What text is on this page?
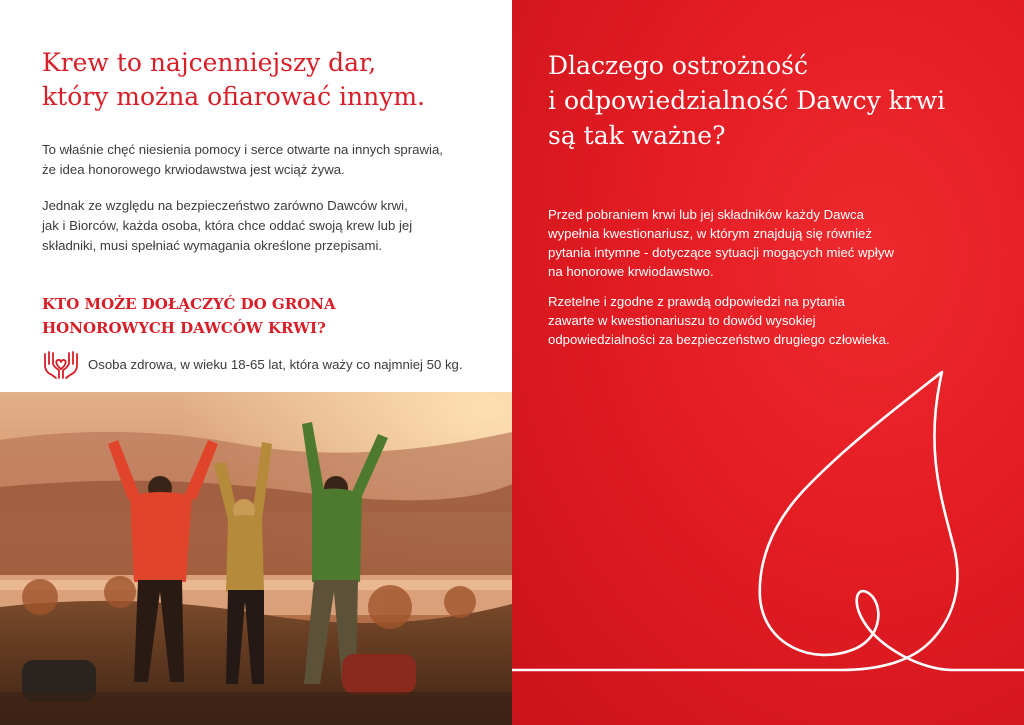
Krew to najcenniejszy dar,
który można ofiarować innym.

To właśnie chęć niesienia pomocy i serce otwarte na innych sprawia,
że idea honorowego krwiodawstwa jest wciąż żywa.

Jednak ze względu na bezpieczeństwo zarówno Dawców krwi,
jak i Biorców, każda osoba, która chce oddać swoją krew lub jej
składniki, musi spełniać wymagania określone przepisami.

KTO MOŻE DOŁĄCZYĆ DO GRONA
HONOROWYCH DAWCÓW KRWI?
Osoba zdrowa, w wieku 18-65 lat, która waży co najmniej 50 kg.
Dlaczego ostrożność
i odpowiedzialność Dawcy krwi
są tak ważne?

Przed pobraniem krwi lub jej składników każdy Dawca
wypełnia kwestionariusz, w którym znajdują się również
pytania intymne - dotyczące sytuacji mogących mieć wpływ
na honorowe krwiodawstwo.

Rzetelne i zgodne z prawdą odpowiedzi na pytania
zawarte w kwestionariuszu to dowód wysokiej
odpowiedzialności za bezpieczeństwo drugiego człowieka.
